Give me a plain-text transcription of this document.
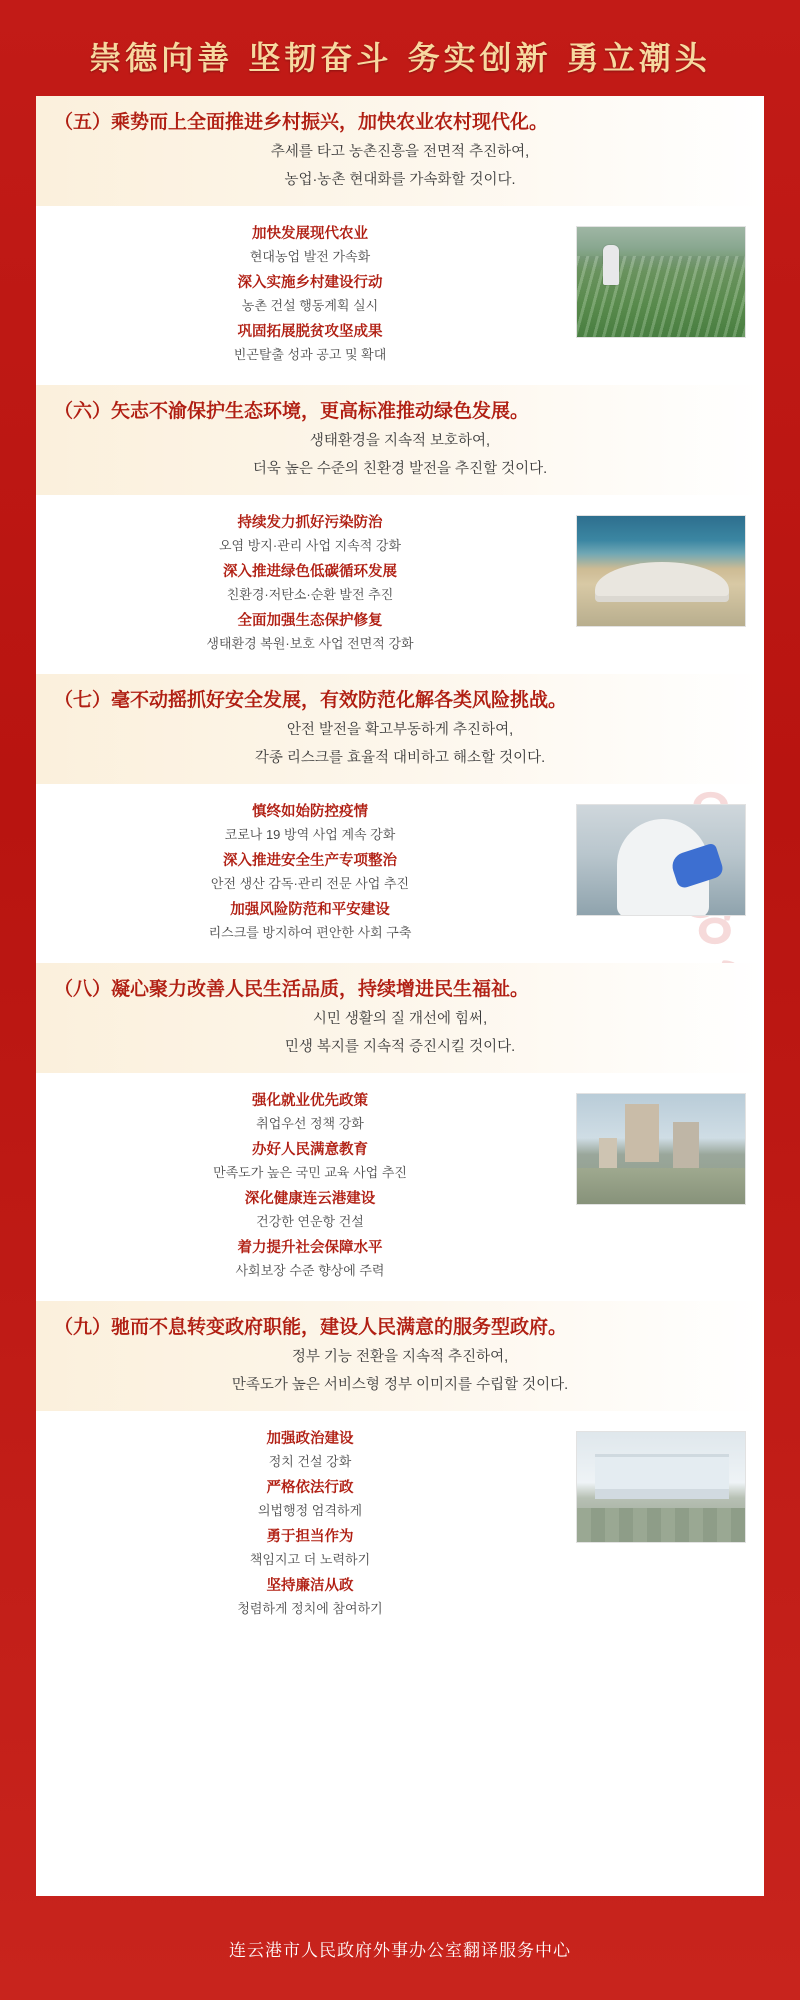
崇德向善 坚韧奋斗 务实创新 勇立潮头
（五）乘势而上全面推进乡村振兴，加快农业农村现代化。
추세를 타고 농촌진흥을 전면적 추진하여,
농업·농촌 현대화를 가속화할 것이다.
加快发展现代农业
현대농업 발전 가속화
深入实施乡村建设行动
농촌 건설 행동계획 실시
巩固拓展脱贫攻坚成果
빈곤탈출 성과 공고 및 확대
（六）矢志不渝保护生态环境，更高标准推动绿色发展。
생태환경을 지속적 보호하여,
더욱 높은 수준의 친환경 발전을 추진할 것이다.
持续发力抓好污染防治
오염 방지·관리 사업 지속적 강화
深入推进绿色低碳循环发展
친환경·저탄소·순환 발전 추진
全面加强生态保护修复
생태환경 복원·보호 사업 전면적 강화
（七）毫不动摇抓好安全发展，有效防范化解各类风险挑战。
안전 발전을 확고부동하게 추진하여,
각종 리스크를 효율적 대비하고 해소할 것이다.
慎终如始防控疫情
코로나 19 방역 사업 계속 강화
深入推进安全生产专项整治
안전 생산 감독·관리 전문 사업 추진
加强风险防范和平安建设
리스크를 방지하여 편안한 사회 구축
（八）凝心聚力改善人民生活品质，持续增进民生福祉。
시민 생활의 질 개선에 힘써,
민생 복지를 지속적 증진시킬 것이다.
强化就业优先政策
취업우선 정책 강화
办好人民满意教育
만족도가 높은 국민 교육 사업 추진
深化健康连云港建设
건강한 연운항 건설
着力提升社会保障水平
사회보장 수준 향상에 주력
（九）驰而不息转变政府职能，建设人民满意的服务型政府。
정부 기능 전환을 지속적 추진하여,
만족도가 높은 서비스형 정부 이미지를 수립할 것이다.
加强政治建设
정치 건설 강화
严格依法行政
의법행정 엄격하게
勇于担当作为
책임지고 더 노력하기
坚持廉洁从政
청렴하게 정치에 참여하기
连云港市人民政府外事办公室翻译服务中心
